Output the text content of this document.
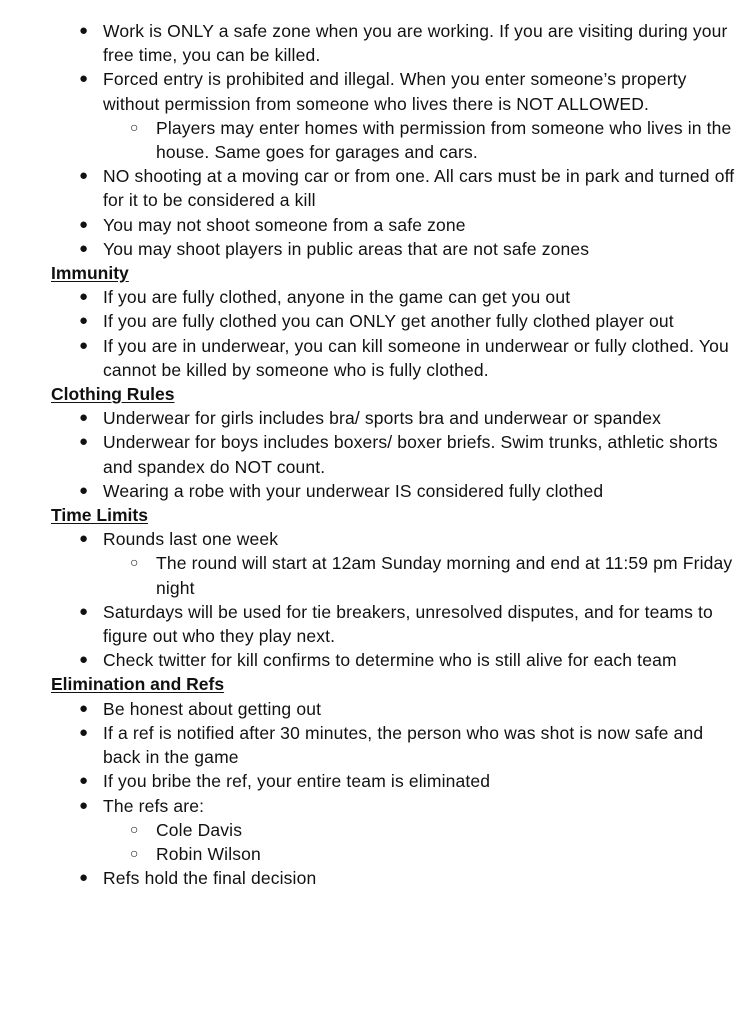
● Work is ONLY a safe zone when you are working. If you are visiting during your free time, you can be killed.
● Forced entry is prohibited and illegal. When you enter someone’s property without permission from someone who lives there is NOT ALLOWED.
○ Players may enter homes with permission from someone who lives in the house. Same goes for garages and cars.
● NO shooting at a moving car or from one. All cars must be in park and turned off for it to be considered a kill
● You may not shoot someone from a safe zone
● You may shoot players in public areas that are not safe zones
Immunity
● If you are fully clothed, anyone in the game can get you out
● If you are fully clothed you can ONLY get another fully clothed player out
● If you are in underwear, you can kill someone in underwear or fully clothed. You cannot be killed by someone who is fully clothed.
Clothing Rules
● Underwear for girls includes bra/ sports bra and underwear or spandex
● Underwear for boys includes boxers/ boxer briefs. Swim trunks, athletic shorts and spandex do NOT count.
● Wearing a robe with your underwear IS considered fully clothed
Time Limits
● Rounds last one week
○ The round will start at 12am Sunday morning and end at 11:59 pm Friday night
● Saturdays will be used for tie breakers, unresolved disputes, and for teams to figure out who they play next.
● Check twitter for kill confirms to determine who is still alive for each team
Elimination and Refs
● Be honest about getting out
● If a ref is notified after 30 minutes, the person who was shot is now safe and back in the game
● If you bribe the ref, your entire team is eliminated
● The refs are:
○ Cole Davis
○ Robin Wilson
● Refs hold the final decision
